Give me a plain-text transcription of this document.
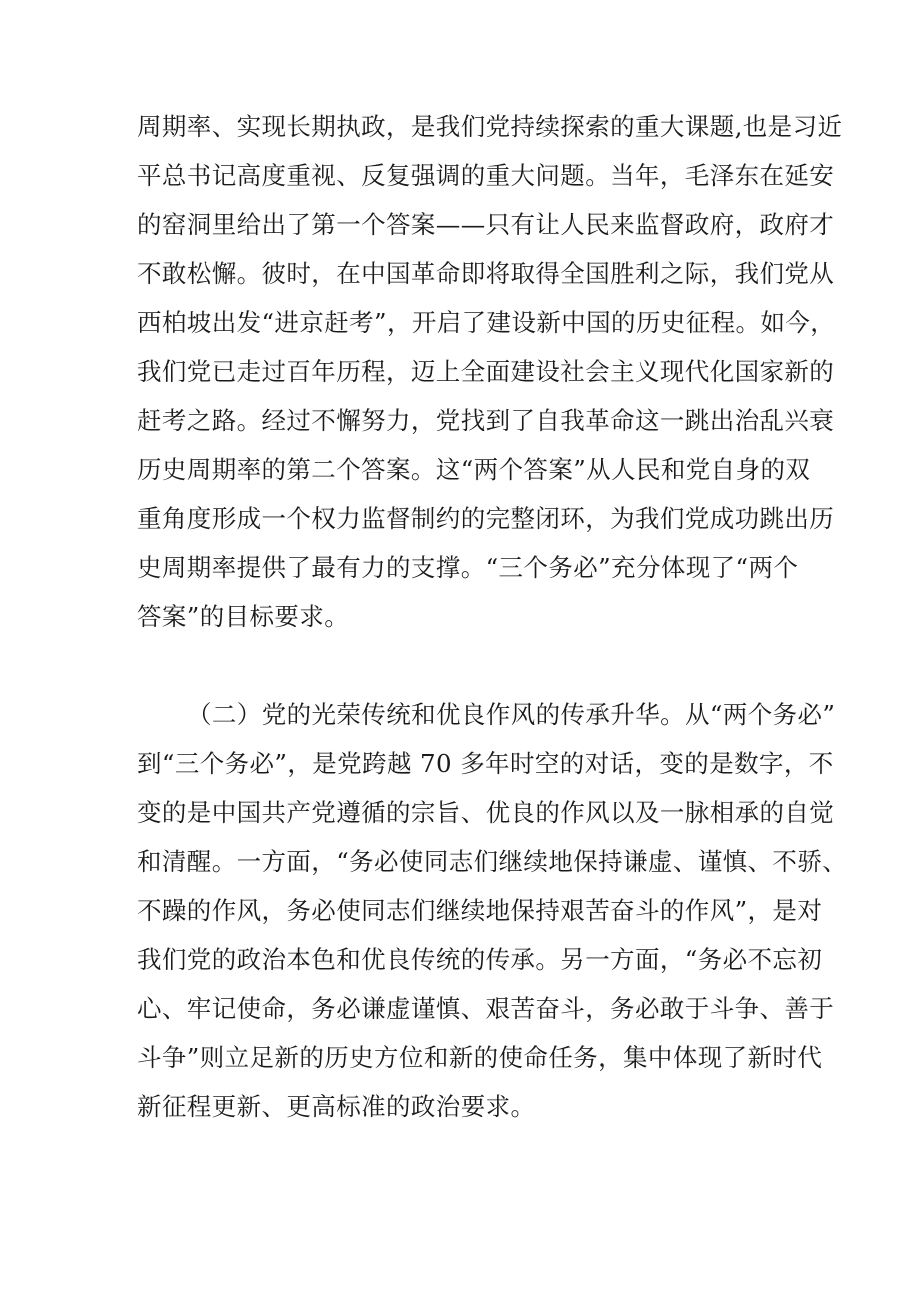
周期率、实现长期执政，是我们党持续探索的重大课题,也是习近
平总书记高度重视、反复强调的重大问题。当年，毛泽东在延安
的窑洞里给出了第一个答案——只有让人民来监督政府，政府才
不敢松懈。彼时，在中国革命即将取得全国胜利之际，我们党从
西柏坡出发“进京赶考”，开启了建设新中国的历史征程。如今，
我们党已走过百年历程，迈上全面建设社会主义现代化国家新的
赶考之路。经过不懈努力，党找到了自我革命这一跳出治乱兴衰
历史周期率的第二个答案。这“两个答案”从人民和党自身的双
重角度形成一个权力监督制约的完整闭环，为我们党成功跳出历
史周期率提供了最有力的支撑。“三个务必”充分体现了“两个
答案”的目标要求。
（二）党的光荣传统和优良作风的传承升华。从“两个务必”
到“三个务必”，是党跨越 70 多年时空的对话，变的是数字，不
变的是中国共产党遵循的宗旨、优良的作风以及一脉相承的自觉
和清醒。一方面，“务必使同志们继续地保持谦虚、谨慎、不骄、
不躁的作风，务必使同志们继续地保持艰苦奋斗的作风”，是对
我们党的政治本色和优良传统的传承。另一方面，“务必不忘初
心、牢记使命，务必谦虚谨慎、艰苦奋斗，务必敢于斗争、善于
斗争”则立足新的历史方位和新的使命任务，集中体现了新时代
新征程更新、更高标准的政治要求。
